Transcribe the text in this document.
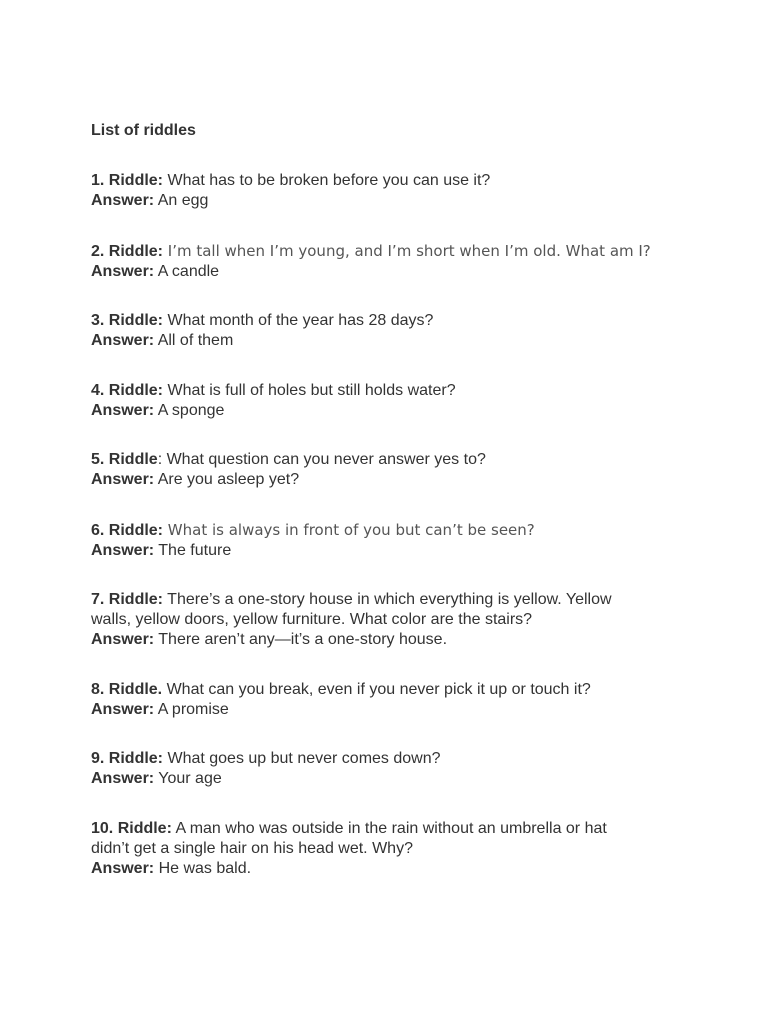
List of riddles
1. Riddle: What has to be broken before you can use it?
Answer: An egg
2. Riddle: I’m tall when I’m young, and I’m short when I’m old. What am I?
Answer: A candle
3. Riddle: What month of the year has 28 days?
Answer: All of them
4. Riddle: What is full of holes but still holds water?
Answer: A sponge
5. Riddle: What question can you never answer yes to?
Answer: Are you asleep yet?
6. Riddle: What is always in front of you but can’t be seen?
Answer: The future
7. Riddle: There’s a one-story house in which everything is yellow. Yellow
walls, yellow doors, yellow furniture. What color are the stairs?
Answer: There aren’t any—it’s a one-story house.
8. Riddle. What can you break, even if you never pick it up or touch it?
Answer: A promise
9. Riddle: What goes up but never comes down?
Answer: Your age
10. Riddle: A man who was outside in the rain without an umbrella or hat
didn’t get a single hair on his head wet. Why?
Answer: He was bald.
